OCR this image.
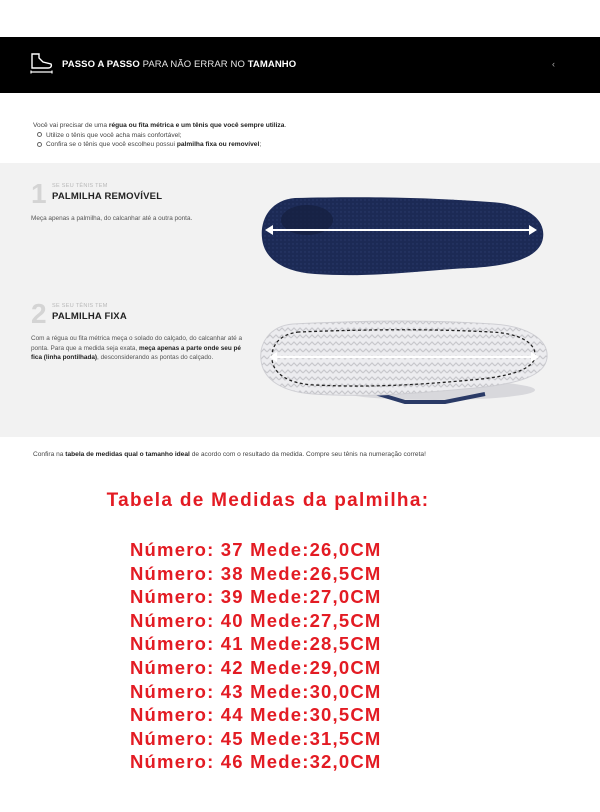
PASSO A PASSO PARA NÃO ERRAR NO TAMANHO	‹
Você vai precisar de uma régua ou fita métrica e um tênis que você sempre utiliza.
Utilize o tênis que você acha mais confortável;
Confira se o tênis que você escolheu possui palmilha fixa ou removível;
1 SE SEU TÊNIS TEM
PALMILHA REMOVÍVEL
Meça apenas a palmilha, do calcanhar até a outra ponta.
2 SE SEU TÊNIS TEM
PALMILHA FIXA
Com a régua ou fita métrica meça o solado do calçado, do calcanhar até a ponta. Para que a medida seja exata, meça apenas a parte onde seu pé fica (linha pontilhada), desconsiderando as pontas do calçado.
Confira na tabela de medidas qual o tamanho ideal de acordo com o resultado da medida. Compre seu tênis na numeração correta!
Tabela de Medidas da palmilha:
Número: 37 Mede:26,0CM
Número: 38 Mede:26,5CM
Número: 39 Mede:27,0CM
Número: 40 Mede:27,5CM
Número: 41 Mede:28,5CM
Número: 42 Mede:29,0CM
Número: 43 Mede:30,0CM
Número: 44 Mede:30,5CM
Número: 45 Mede:31,5CM
Número: 46 Mede:32,0CM
